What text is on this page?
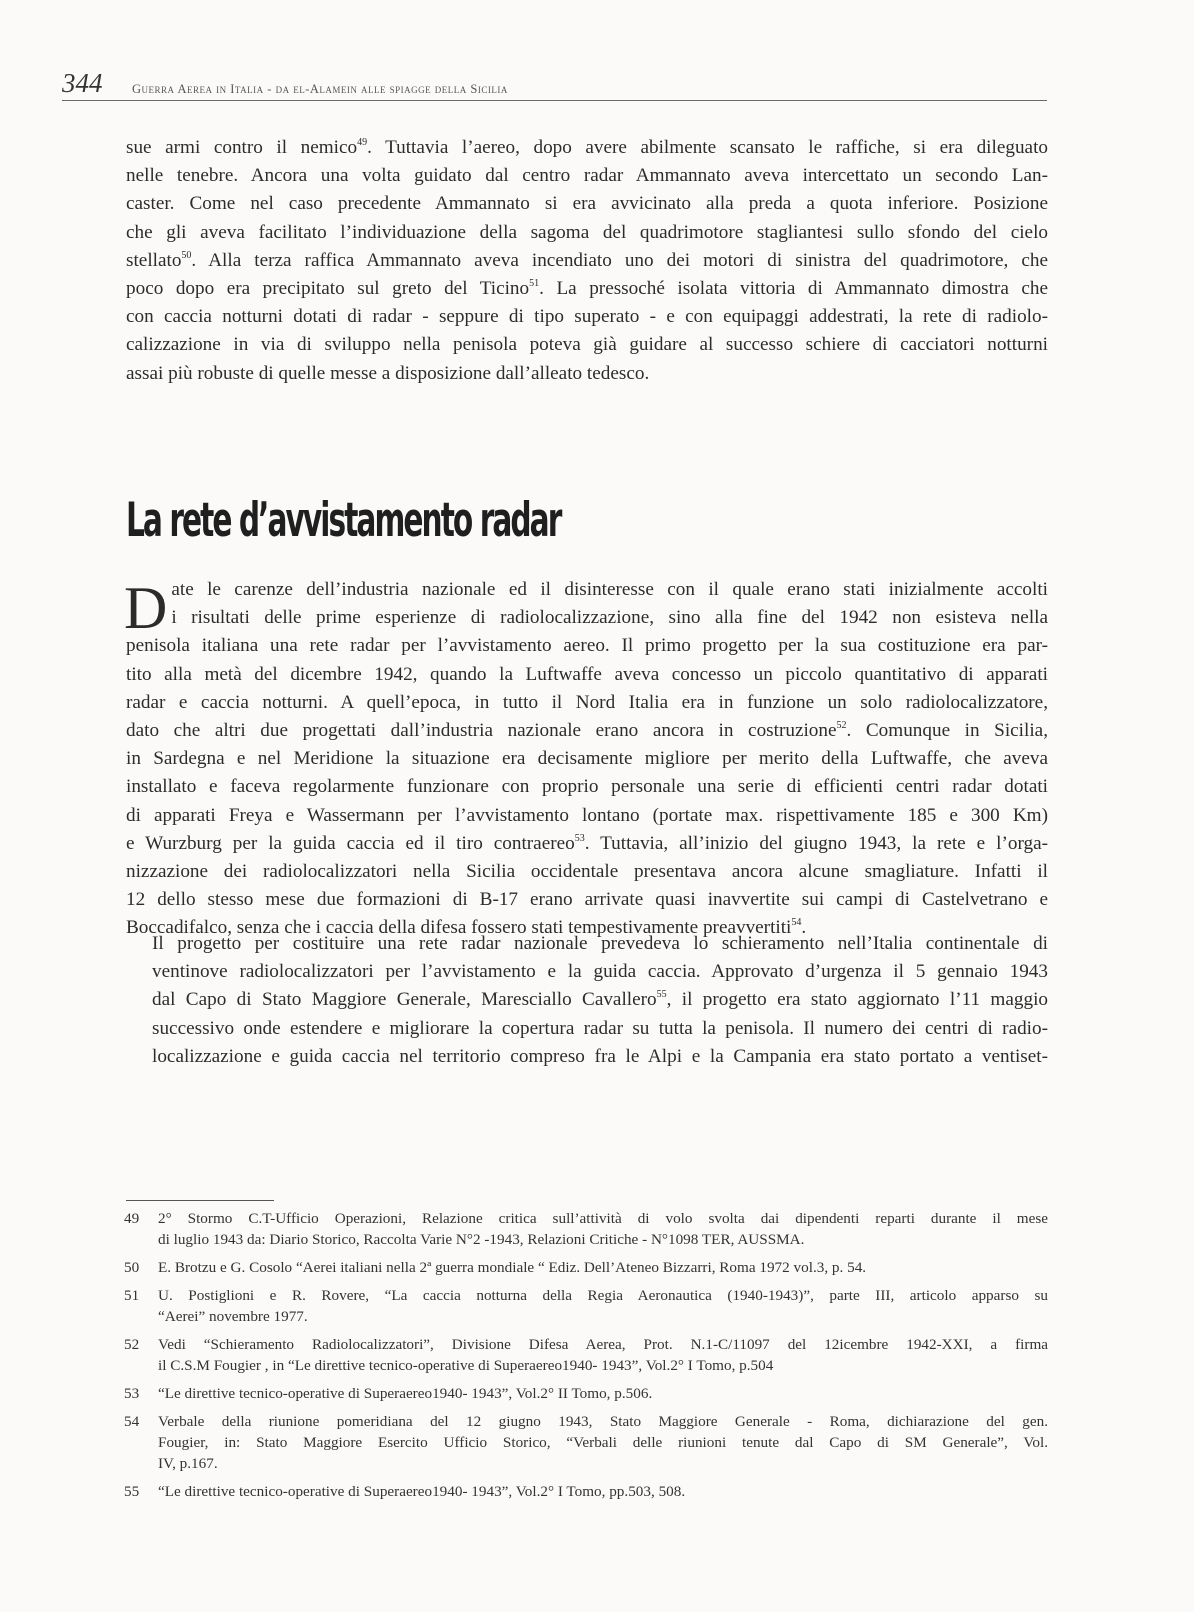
344 Guerra Aerea in Italia - da el-Alamein alle spiagge della Sicilia

sue armi contro il nemico$^{49}$. Tuttavia l’aereo, dopo avere abilmente scansato le raffiche, si era dileguato
nelle tenebre. Ancora una volta guidato dal centro radar Ammannato aveva intercettato un secondo Lan-
caster. Come nel caso precedente Ammannato si era avvicinato alla preda a quota inferiore. Posizione
che gli aveva facilitato l’individuazione della sagoma del quadrimotore stagliantesi sullo sfondo del cielo
stellato$^{50}$. Alla terza raffica Ammannato aveva incendiato uno dei motori di sinistra del quadrimotore, che
poco dopo era precipitato sul greto del Ticino$^{51}$. La pressoché isolata vittoria di Ammannato dimostra che
con caccia notturni dotati di radar - seppure di tipo superato - e con equipaggi addestrati, la rete di radiolo-
calizzazione in via di sviluppo nella penisola poteva già guidare al successo schiere di cacciatori notturni
assai più robuste di quelle messe a disposizione dall’alleato tedesco.

La rete d’avvistamento radar

D ate le carenze dell’industria nazionale ed il disinteresse con il quale erano stati inizialmente accolti
i risultati delle prime esperienze di radiolocalizzazione, sino alla fine del 1942 non esisteva nella
penisola italiana una rete radar per l’avvistamento aereo. Il primo progetto per la sua costituzione era par-
tito alla metà del dicembre 1942, quando la Luftwaffe aveva concesso un piccolo quantitativo di apparati
radar e caccia notturni. A quell’epoca, in tutto il Nord Italia era in funzione un solo radiolocalizzatore,
dato che altri due progettati dall’industria nazionale erano ancora in costruzione$^{52}$. Comunque in Sicilia,
in Sardegna e nel Meridione la situazione era decisamente migliore per merito della Luftwaffe, che aveva
installato e faceva regolarmente funzionare con proprio personale una serie di efficienti centri radar dotati
di apparati Freya e Wassermann per l’avvistamento lontano (portate max. rispettivamente 185 e 300 Km)
e Wurzburg per la guida caccia ed il tiro contraereo$^{53}$. Tuttavia, all’inizio del giugno 1943, la rete e l’orga-
nizzazione dei radiolocalizzatori nella Sicilia occidentale presentava ancora alcune smagliature. Infatti il
12 dello stesso mese due formazioni di B-17 erano arrivate quasi inavvertite sui campi di Castelvetrano e
Boccadifalco, senza che i caccia della difesa fossero stati tempestivamente preavvertiti$^{54}$.

Il progetto per costituire una rete radar nazionale prevedeva lo schieramento nell’Italia continentale di
ventinove radiolocalizzatori per l’avvistamento e la guida caccia. Approvato d’urgenza il 5 gennaio 1943
dal Capo di Stato Maggiore Generale, Maresciallo Cavallero$^{55}$, il progetto era stato aggiornato l’11 maggio
successivo onde estendere e migliorare la copertura radar su tutta la penisola. Il numero dei centri di radio-
localizzazione e guida caccia nel territorio compreso fra le Alpi e la Campania era stato portato a ventiset-

49 2° Stormo C.T-Ufficio Operazioni, Relazione critica sull’attività di volo svolta dai dipendenti reparti durante il mese
di luglio 1943 da: Diario Storico, Raccolta Varie N°2 -1943, Relazioni Critiche - N°1098 TER, AUSSMA.
50 E. Brotzu e G. Cosolo “Aerei italiani nella 2ª guerra mondiale “ Ediz. Dell’Ateneo Bizzarri, Roma 1972 vol.3, p. 54.
51 U. Postiglioni e R. Rovere, “La caccia notturna della Regia Aeronautica (1940-1943)”, parte III, articolo apparso su
“Aerei” novembre 1977.
52 Vedi “Schieramento Radiolocalizzatori”, Divisione Difesa Aerea, Prot. N.1-C/11097 del 12icembre 1942-XXI, a firma
il C.S.M Fougier , in “Le direttive tecnico-operative di Superaereo1940- 1943”, Vol.2° I Tomo, p.504
53 “Le direttive tecnico-operative di Superaereo1940- 1943”, Vol.2° II Tomo, p.506.
54 Verbale della riunione pomeridiana del 12 giugno 1943, Stato Maggiore Generale - Roma, dichiarazione del gen.
Fougier, in: Stato Maggiore Esercito Ufficio Storico, “Verbali delle riunioni tenute dal Capo di SM Generale”, Vol.
IV, p.167.
55 “Le direttive tecnico-operative di Superaereo1940- 1943”, Vol.2° I Tomo, pp.503, 508.
